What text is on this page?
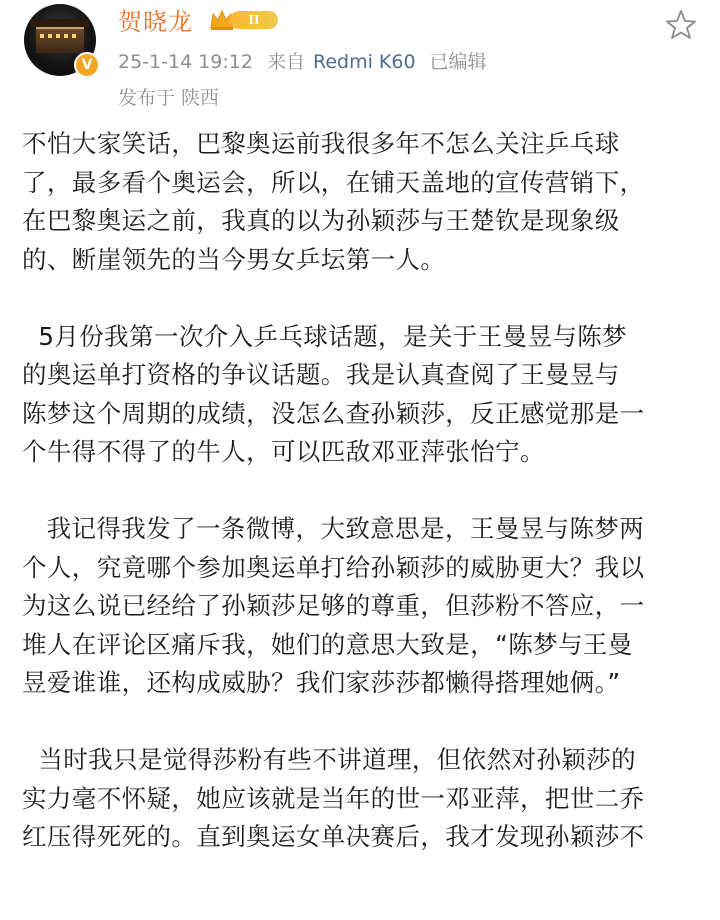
V
贺晓龙	II
25-1-14 19:12 来自 Redmi K60 已编辑
发布于 陕西
不怕大家笑话，巴黎奥运前我很多年不怎么关注乒乓球
了，最多看个奥运会，所以，在铺天盖地的宣传营销下，
在巴黎奥运之前，我真的以为孙颖莎与王楚钦是现象级
的、断崖领先的当今男女乒坛第一人。
5月份我第一次介入乒乓球话题，是关于王曼昱与陈梦
的奥运单打资格的争议话题。我是认真查阅了王曼昱与
陈梦这个周期的成绩，没怎么查孙颖莎，反正感觉那是一
个牛得不得了的牛人，可以匹敌邓亚萍张怡宁。
我记得我发了一条微博，大致意思是，王曼昱与陈梦两
个人，究竟哪个参加奥运单打给孙颖莎的威胁更大？我以
为这么说已经给了孙颖莎足够的尊重，但莎粉不答应，一
堆人在评论区痛斥我，她们的意思大致是，“陈梦与王曼
昱爱谁谁，还构成威胁？我们家莎莎都懒得搭理她俩。”
当时我只是觉得莎粉有些不讲道理，但依然对孙颖莎的
实力毫不怀疑，她应该就是当年的世一邓亚萍，把世二乔
红压得死死的。直到奥运女单决赛后，我才发现孙颖莎不
